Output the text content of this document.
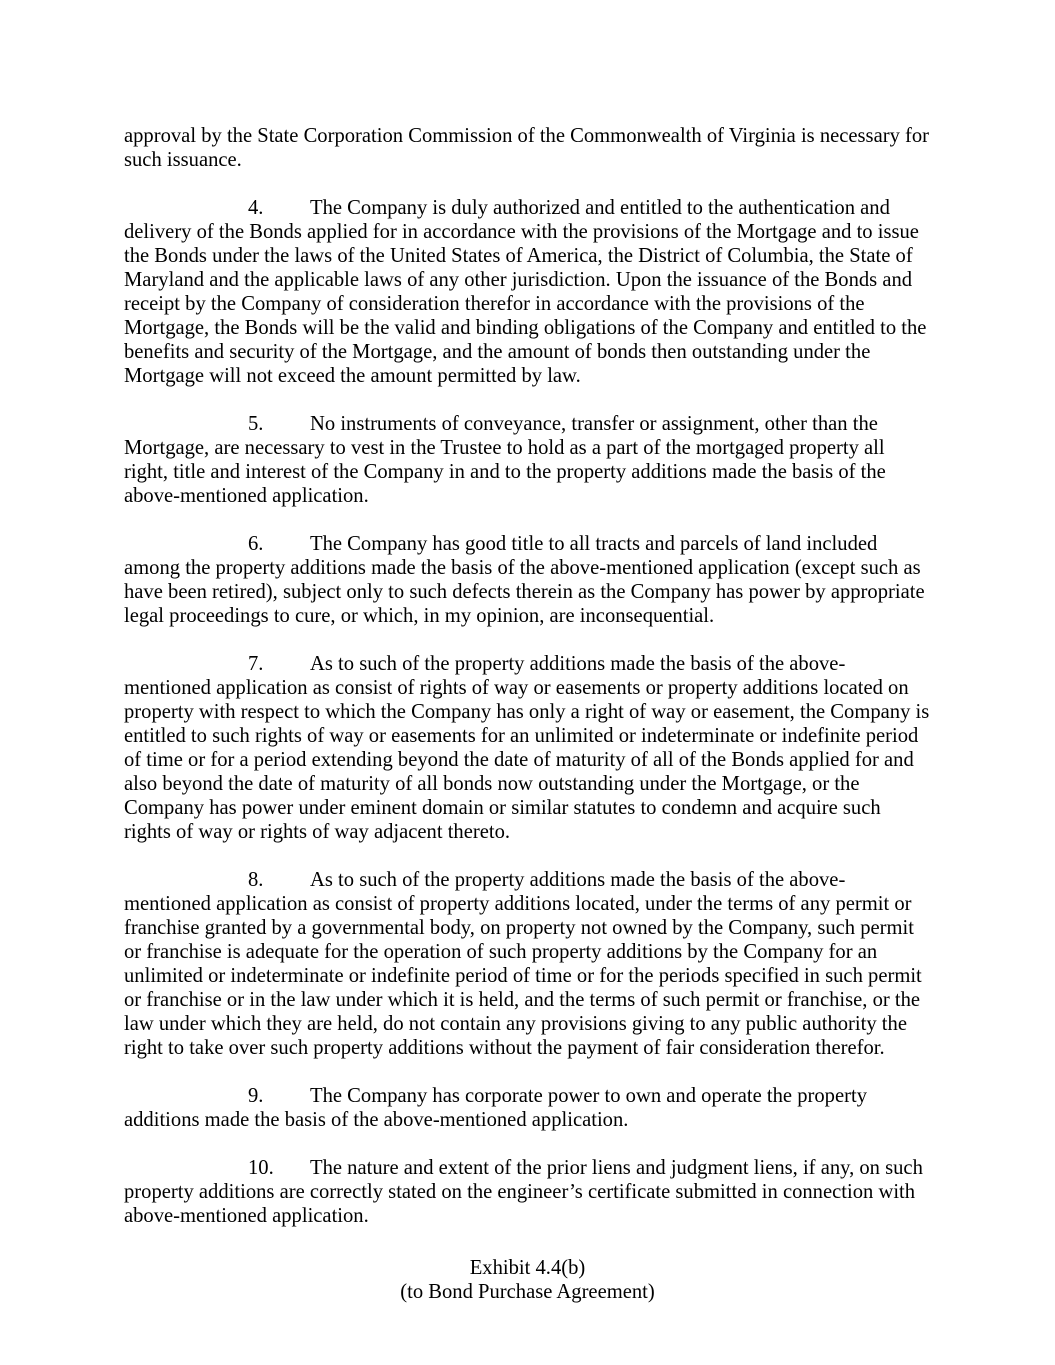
approval by the State Corporation Commission of the Commonwealth of Virginia is necessary for such issuance.

4. The Company is duly authorized and entitled to the authentication and delivery of the Bonds applied for in accordance with the provisions of the Mortgage and to issue the Bonds under the laws of the United States of America, the District of Columbia, the State of Maryland and the applicable laws of any other jurisdiction. Upon the issuance of the Bonds and receipt by the Company of consideration therefor in accordance with the provisions of the Mortgage, the Bonds will be the valid and binding obligations of the Company and entitled to the benefits and security of the Mortgage, and the amount of bonds then outstanding under the Mortgage will not exceed the amount permitted by law.

5. No instruments of conveyance, transfer or assignment, other than the Mortgage, are necessary to vest in the Trustee to hold as a part of the mortgaged property all right, title and interest of the Company in and to the property additions made the basis of the above-mentioned application.

6. The Company has good title to all tracts and parcels of land included among the property additions made the basis of the above-mentioned application (except such as have been retired), subject only to such defects therein as the Company has power by appropriate legal proceedings to cure, or which, in my opinion, are inconsequential.

7. As to such of the property additions made the basis of the above-mentioned application as consist of rights of way or easements or property additions located on property with respect to which the Company has only a right of way or easement, the Company is entitled to such rights of way or easements for an unlimited or indeterminate or indefinite period of time or for a period extending beyond the date of maturity of all of the Bonds applied for and also beyond the date of maturity of all bonds now outstanding under the Mortgage, or the Company has power under eminent domain or similar statutes to condemn and acquire such rights of way or rights of way adjacent thereto.

8. As to such of the property additions made the basis of the above-mentioned application as consist of property additions located, under the terms of any permit or franchise granted by a governmental body, on property not owned by the Company, such permit or franchise is adequate for the operation of such property additions by the Company for an unlimited or indeterminate or indefinite period of time or for the periods specified in such permit or franchise or in the law under which it is held, and the terms of such permit or franchise, or the law under which they are held, do not contain any provisions giving to any public authority the right to take over such property additions without the payment of fair consideration therefor.

9. The Company has corporate power to own and operate the property additions made the basis of the above-mentioned application.

10. The nature and extent of the prior liens and judgment liens, if any, on such property additions are correctly stated on the engineer’s certificate submitted in connection with above-mentioned application.

Exhibit 4.4(b)
(to Bond Purchase Agreement)
